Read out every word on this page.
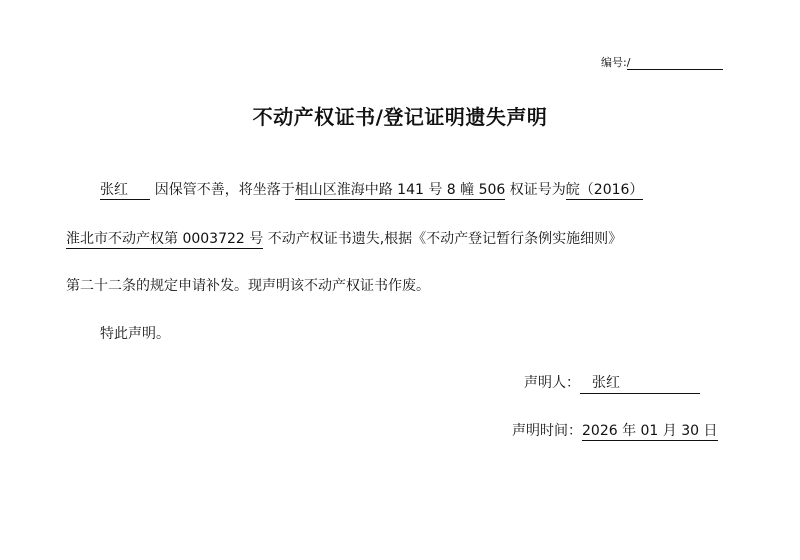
编号:/
不动产权证书/登记证明遗失声明
张红 因保管不善，将坐落于相山区淮海中路 141 号 8 幢 506 权证号为皖（2016）
淮北市不动产权第 0003722 号 不动产权证书遗失,根据《不动产登记暂行条例实施细则》
第二十二条的规定申请补发。现声明该不动产权证书作废。
特此声明。
声明人： 张红
声明时间：2026 年 01 月 30 日
